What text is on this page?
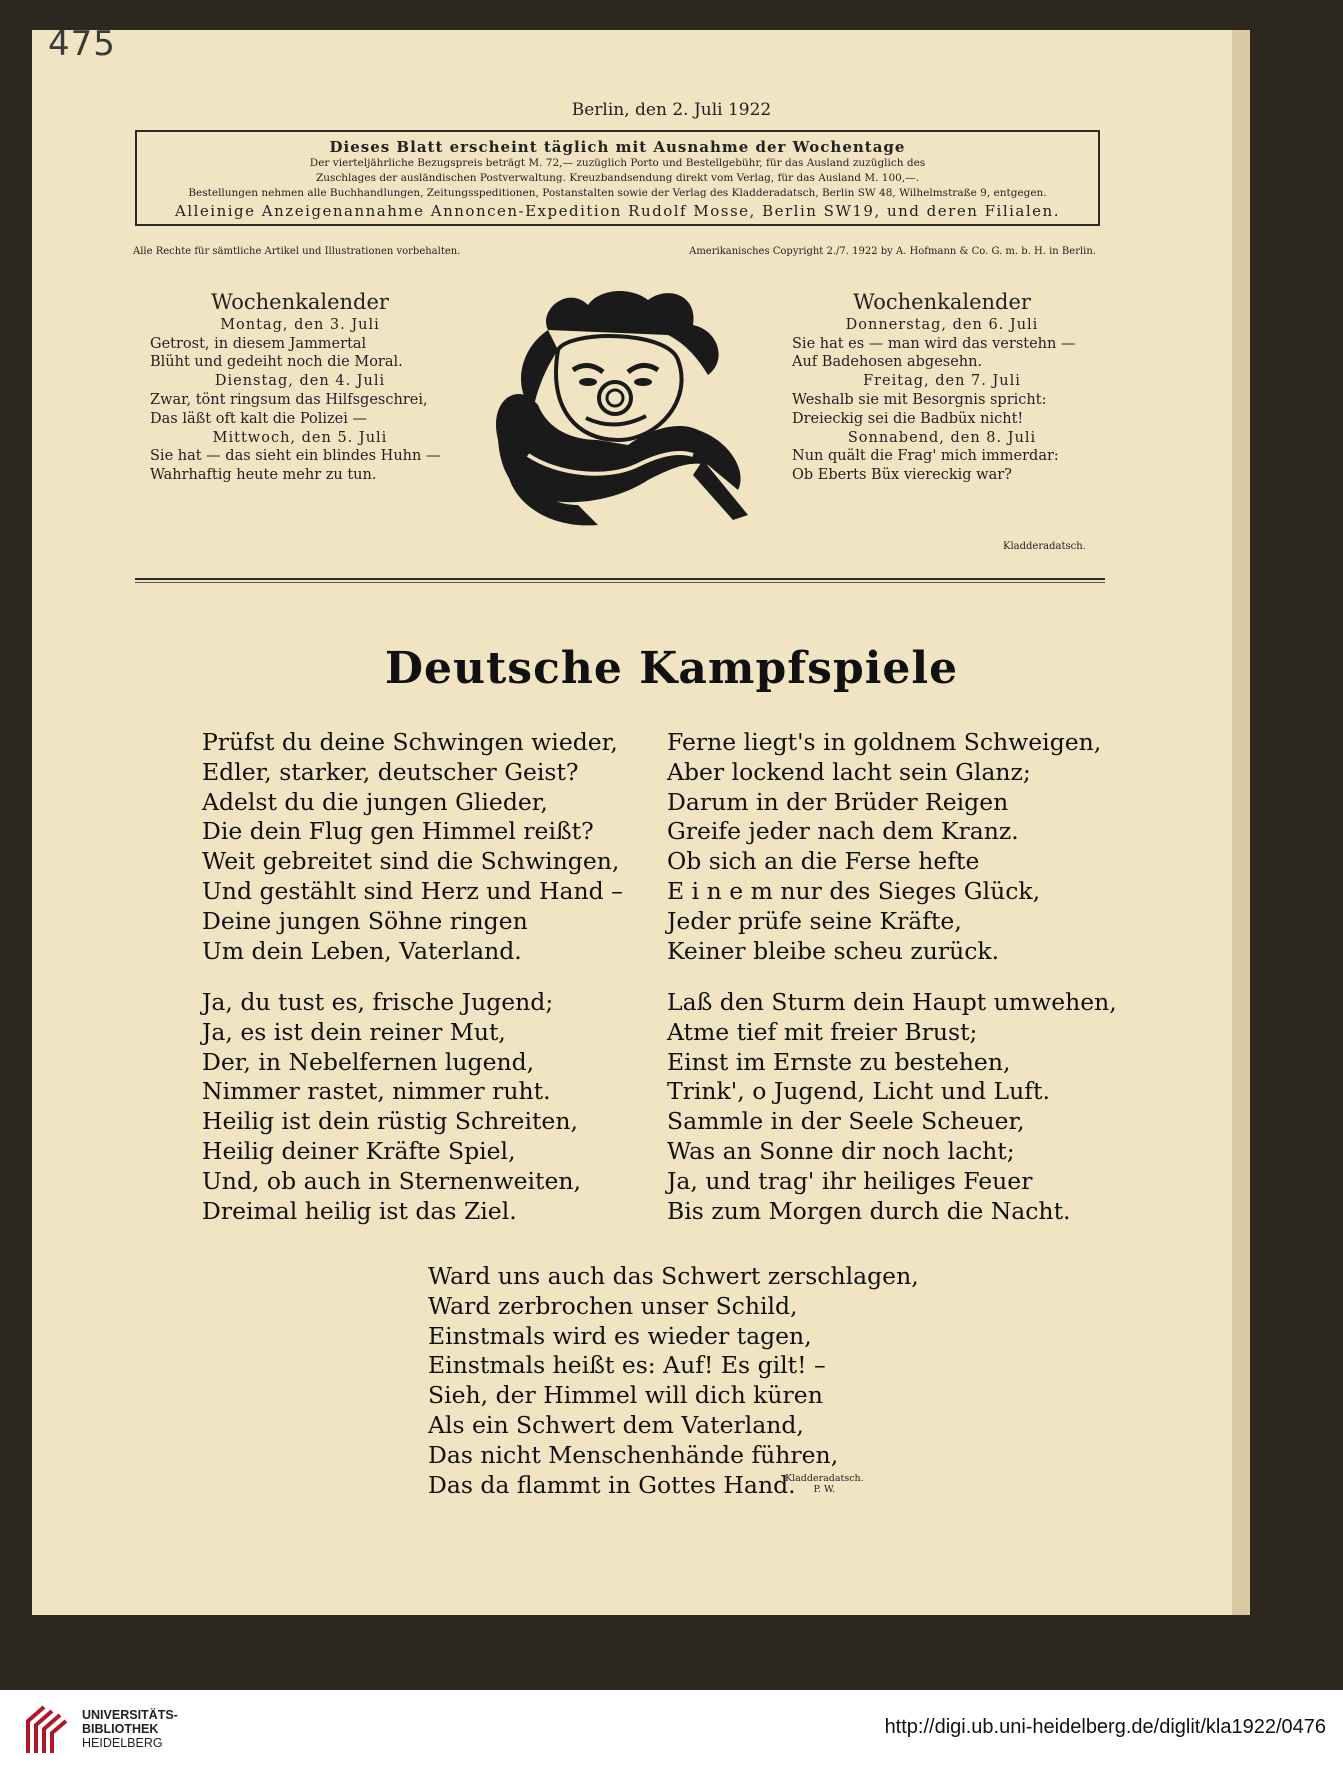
475
Berlin, den 2. Juli 1922
Dieses Blatt erscheint täglich mit Ausnahme der Wochentage
Der vierteljährliche Bezugspreis beträgt M. 72,— zuzüglich Porto und Bestellgebühr, für das Ausland zuzüglich des
Zuschlages der ausländischen Postverwaltung. Kreuzbandsendung direkt vom Verlag, für das Ausland M. 100,—.
Bestellungen nehmen alle Buchhandlungen, Zeitungsspeditionen, Postanstalten sowie der Verlag des Kladderadatsch, Berlin SW 48, Wilhelmstraße 9, entgegen.
Alleinige Anzeigenannahme Annoncen-Expedition Rudolf Mosse, Berlin SW19, und deren Filialen.
Alle Rechte für sämtliche Artikel und Illustrationen vorbehalten.	Amerikanisches Copyright 2./7. 1922 by A. Hofmann & Co. G. m. b. H. in Berlin.
Wochenkalender
Montag, den 3. Juli
Getrost, in diesem Jammertal
Blüht und gedeiht noch die Moral.
Dienstag, den 4. Juli
Zwar, tönt ringsum das Hilfsgeschrei,
Das läßt oft kalt die Polizei —
Mittwoch, den 5. Juli
Sie hat — das sieht ein blindes Huhn —
Wahrhaftig heute mehr zu tun.
Wochenkalender
Donnerstag, den 6. Juli
Sie hat es — man wird das verstehn —
Auf Badehosen abgesehn.
Freitag, den 7. Juli
Weshalb sie mit Besorgnis spricht:
Dreieckig sei die Badbüx nicht!
Sonnabend, den 8. Juli
Nun quält die Frag' mich immerdar:
Ob Eberts Büx viereckig war?
Kladderadatsch.
Deutsche Kampfspiele
Prüfst du deine Schwingen wieder,
Edler, starker, deutscher Geist?
Adelst du die jungen Glieder,
Die dein Flug gen Himmel reißt?
Weit gebreitet sind die Schwingen,
Und gestählt sind Herz und Hand –
Deine jungen Söhne ringen
Um dein Leben, Vaterland.
Ferne liegt's in goldnem Schweigen,
Aber lockend lacht sein Glanz;
Darum in der Brüder Reigen
Greife jeder nach dem Kranz.
Ob sich an die Ferse hefte
E i n e m nur des Sieges Glück,
Jeder prüfe seine Kräfte,
Keiner bleibe scheu zurück.
Ja, du tust es, frische Jugend;
Ja, es ist dein reiner Mut,
Der, in Nebelfernen lugend,
Nimmer rastet, nimmer ruht.
Heilig ist dein rüstig Schreiten,
Heilig deiner Kräfte Spiel,
Und, ob auch in Sternenweiten,
Dreimal heilig ist das Ziel.
Laß den Sturm dein Haupt umwehen,
Atme tief mit freier Brust;
Einst im Ernste zu bestehen,
Trink', o Jugend, Licht und Luft.
Sammle in der Seele Scheuer,
Was an Sonne dir noch lacht;
Ja, und trag' ihr heiliges Feuer
Bis zum Morgen durch die Nacht.
Ward uns auch das Schwert zerschlagen,
Ward zerbrochen unser Schild,
Einstmals wird es wieder tagen,
Einstmals heißt es: Auf! Es gilt! –
Sieh, der Himmel will dich küren
Als ein Schwert dem Vaterland,
Das nicht Menschenhände führen,
Das da flammt in Gottes Hand.
Kladderadatsch.
P. W.
UNIVERSITÄTS-
BIBLIOTHEK
HEIDELBERG
http://digi.ub.uni-heidelberg.de/diglit/kla1922/0476
